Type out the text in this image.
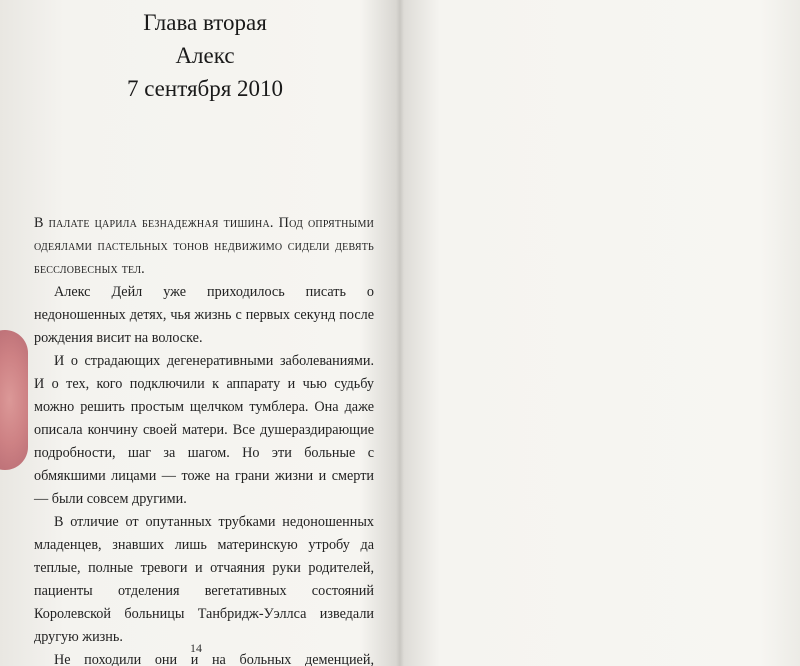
Глава вторая
Алекс
7 сентября 2010

В палате царила безнадежная тишина. Под опрятными одеялами пастельных тонов недвижимо сидели девять бессловесных тел.

Алекс Дейл уже приходилось писать о недоношенных детях, чья жизнь с первых секунд после рождения висит на волоске.

И о страдающих дегенеративными заболеваниями. И о тех, кого подключили к аппарату и чью судьбу можно решить простым щелчком тумблера. Она даже описала кончину своей матери. Все душераздирающие подробности, шаг за шагом. Но эти больные с обмякшими лицами — тоже на грани жизни и смерти — были совсем другими.

В отличие от опутанных трубками недоношенных младенцев, знавших лишь материнскую утробу да теплые, полные тревоги и отчаяния руки родителей, пациенты отделения вегетативных состояний Королевской больницы Танбридж-Уэллса изведали другую жизнь.

Не походили они и на больных деменцией,

14
